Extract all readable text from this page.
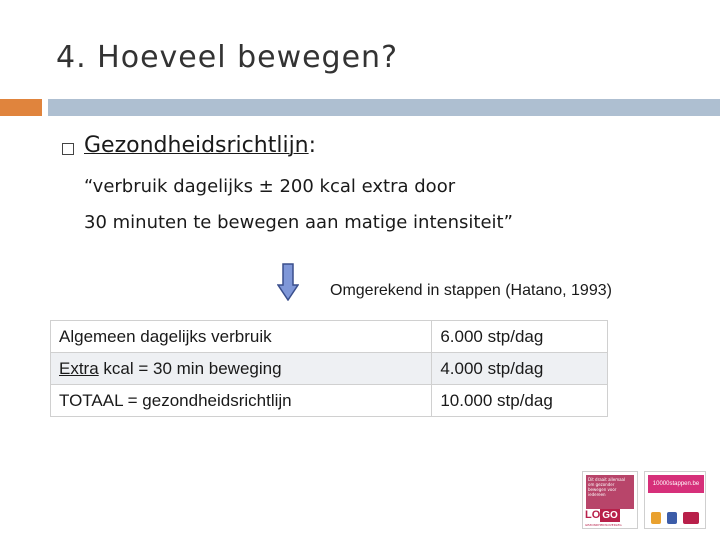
4. Hoeveel bewegen?
Gezondheidsrichtlijn:
“verbruik dagelijks ± 200 kcal extra door
30 minuten te bewegen aan matige intensiteit”
Omgerekend in stappen (Hatano, 1993)
Algemeen dagelijks verbruik	6.000 stp/dag
Extra kcal = 30 min beweging	4.000 stp/dag
TOTAAL = gezondheidsrichtlijn	10.000 stp/dag
Dit draait allemaal om gezonder bewegen voor iedereen
LO GO
GEZONDHEIDSOVERLEG
10000stappen.be
